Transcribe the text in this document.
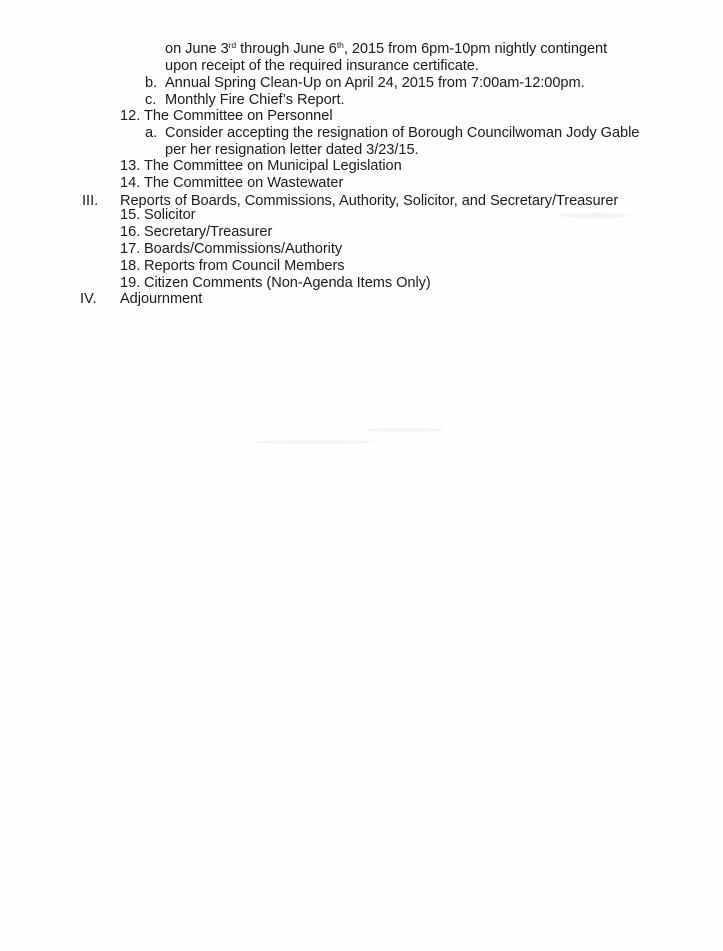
on June 3rd through June 6th, 2015 from 6pm-10pm nightly contingent
upon receipt of the required insurance certificate.
b. Annual Spring Clean-Up on April 24, 2015 from 7:00am-12:00pm.
c. Monthly Fire Chief’s Report.
12. The Committee on Personnel
a. Consider accepting the resignation of Borough Councilwoman Jody Gable
per her resignation letter dated 3/23/15.
13. The Committee on Municipal Legislation
14. The Committee on Wastewater
III. Reports of Boards, Commissions, Authority, Solicitor, and Secretary/Treasurer
15. Solicitor
16. Secretary/Treasurer
17. Boards/Commissions/Authority
18. Reports from Council Members
19. Citizen Comments (Non-Agenda Items Only)
IV. Adjournment
